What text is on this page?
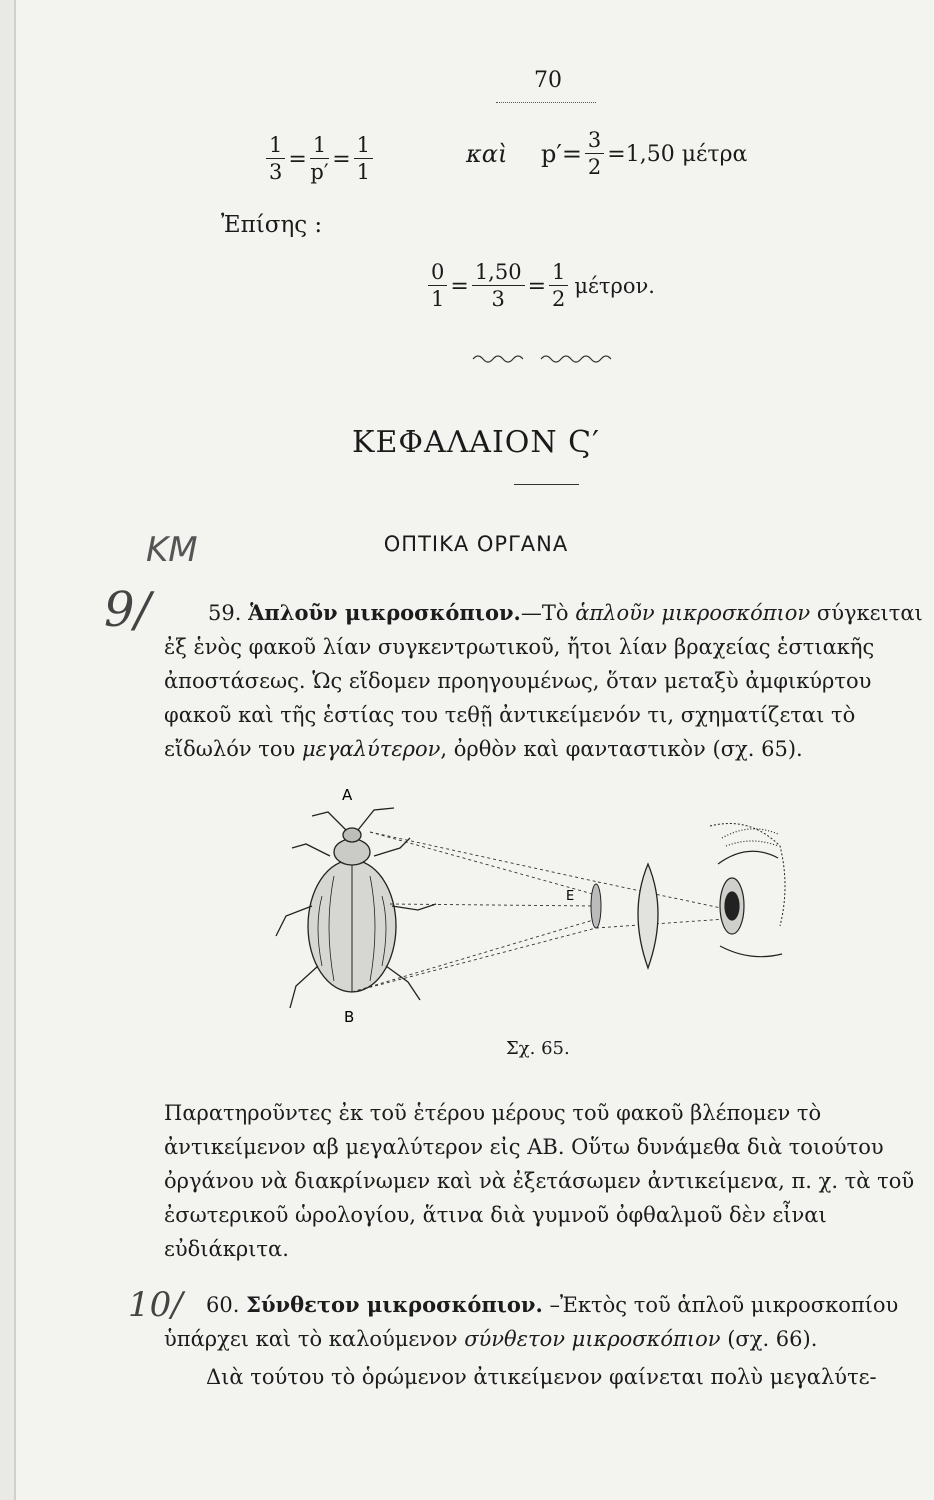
70
$\frac{1}{3} = \frac{1}{p'} = \frac{1}{1}$	καὶ $p'= \frac{3}{2} =1,50$ μέτρα
Ἐπίσης :
$\frac{0}{1} = \frac{1,50}{3} = \frac{1}{2} \mu έ\tau\rho o\nu$.
ΚΕΦΑΛΑΙΟΝ Ϛ′
ΟΠΤΙΚΑ ΟΡΓΑΝΑ
KM
9/	59. Ἁπλοῦν μικροσκόπιον.—Τὸ ἁπλοῦν μικροσκόπιον σύγκειται ἐξ ἑνὸς φακοῦ λίαν συγκεντρωτικοῦ, ἤτοι λίαν βραχείας ἑστιακῆς ἀποστάσεως. Ὡς εἴδομεν προηγουμένως, ὅταν μεταξὺ ἀμφικύρτου φακοῦ καὶ τῆς ἑστίας του τεθῇ ἀντικείμενόν τι, σχηματίζεται τὸ εἴδωλόν του μεγαλύτερον, ὀρθὸν καὶ φανταστικὸν (σχ. 65).
Α
Β
Ε
Σχ. 65.
Παρατηροῦντες ἐκ τοῦ ἑτέρου μέρους τοῦ φακοῦ βλέπομεν τὸ ἀντικείμενον αβ μεγαλύτερον εἰς ΑΒ. Οὕτω δυνάμεθα διὰ τοιούτου ὀργάνου νὰ διακρίνωμεν καὶ νὰ ἐξετάσωμεν ἀντικείμενα, π. χ. τὰ τοῦ ἐσωτερικοῦ ὡρολογίου, ἅτινα διὰ γυμνοῦ ὀφθαλμοῦ δὲν εἶναι εὐδιάκριτα.
10/	60. Σύνθετον μικροσκόπιον. –Ἐκτὸς τοῦ ἁπλοῦ μικροσκοπίου ὑπάρχει καὶ τὸ καλούμενον σύνθετον μικροσκόπιον (σχ. 66).
Διὰ τούτου τὸ ὁρώμενον ἀτικείμενον φαίνεται πολὺ μεγαλύτε-
